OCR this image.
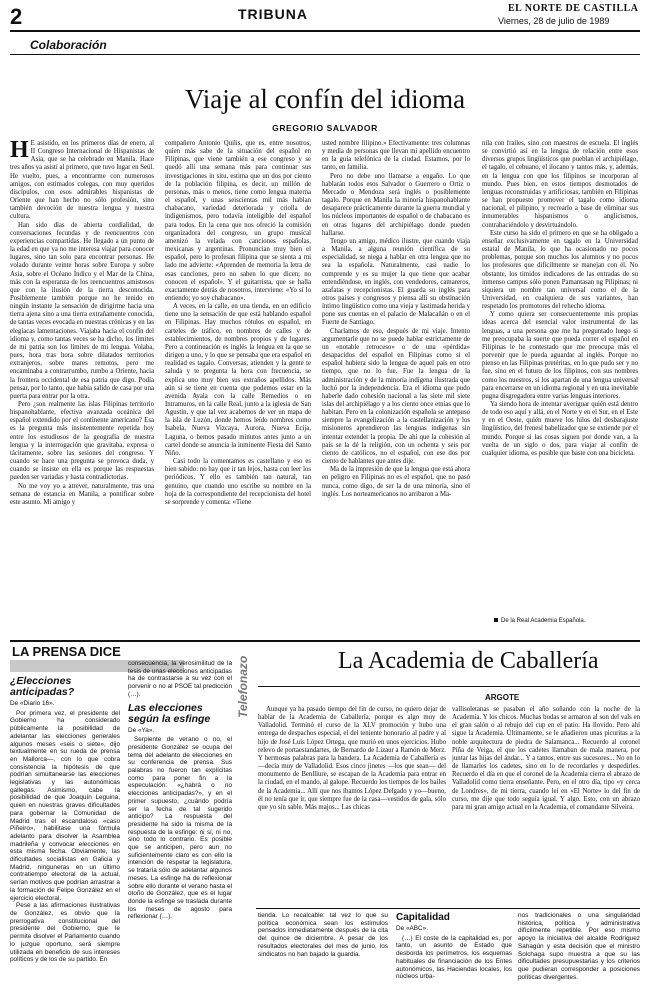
2	TRIBUNA	EL NORTE DE CASTILLA
Viernes, 28 de julio de 1989
Colaboración
Viaje al confín del idioma
GREGORIO SALVADOR

H E asistido, en los primeros días de enero, al II Congreso Internacional de Hispanistas de Asia, que se ha celebrado en Manila. Hace tres años ya asistí al primero, que tuvo lugar en Seúl. He vuelto, pues, a encontrarme con numerosos amigos, con estimados colegas, con muy queridos discípulos, con esos admirables hispanistas de Oriente que han hecho no sólo profesión, sino también devoción de nuestra lengua y nuestra cultura.

Han sido días de abierta cordialidad, de conversaciones fecundas y de reencuentros con experiencias compartidas. He llegado a un punto de la edad en que ya no me interesa viajar para conocer lugares, sino tan solo para encontrar personas. He volado durante veinte horas sobre Europa y sobre Asia, sobre el Océano Índico y el Mar de la China, más con la esperanza de los reencuentros amistosos que con la ilusión de la tierra desconocida. Posiblemente también porque no he tenido en ningún instante la sensación de dirigirme hacia una tierra ajena sino a una tierra extrañamente conocida, de tantas veces evocada en nuestras crónicas y en las elegíacas lamentaciones. Viajaba hacia el confín del idioma y, como tantas veces se ha dicho, los límites de mi patria son los límites de mi lengua. Volaba, pues, hora tras hora sobre dilatados territorios extranjeros, sobre mares remotos, pero me encaminaba a contrarrumbo, rumbo a Oriente, hacia la frontera occidental de esa patria que digo. Podía pensar, por lo tanto, que había salido de casa por una puerta para entrar por la otra.

Pero ¿son realmente las islas Filipinas territorio hispanohablante, efectiva avanzada oceánica del español extendido por el continente americano? Esa es la pregunta más insistentemente repetida hoy entre los estudiosos de la geografía de nuestra lengua y la interrogación que gravitaba, expresa o tácitamente, sobre las sesiones del congreso. Y cuando se hace una pregunta se provoca duda, y cuando se insiste en ella es porque las respuestas pueden ser variadas y hasta contradictorias.

No me voy yo a atrever, naturalmente, tras una semana de estancia en Manila, a pontificar sobre este asunto. Mi amigo y

compañero Antonio Quilis, que es, entre nosotros, quien más sabe de la situación del español en Filipinas, que viene también a ese congreso y se quedó allí una semana más para continuar sus investigaciones in situ, estima que un dos por ciento de la población filipina, es decir, un millón de personas, más o menos, tiene como lengua materna el español, y unas seiscientas mil más hablan chabacano, variedad deteriorada y criolla de indigenismos, pero todavía inteligible del español para todos. En la cena que nos ofreció la comisión organizadora del congreso, un grupo musical amenizó la velada con canciones españolas, mexicanas y argentinas. Pronuncian muy bien el español, pero lo profesan filipina que se sienta a mi lado me advierte: «Aprenden de memoria la letra de esas canciones, pero no saben lo que dicen; no conocen el español». Y el guitarrista, que se halla exactamente detrás de nosotros, interviene: «Yo sí lo entiendo; yo soy chabacano».

A veces, en la calle, en una tienda, en un edificio tiene uno la sensación de que está hablando español en Filipinas. Hay muchos rótulos en español, en carteles de tráfico, en nombres de calles y de establecimientos, de nombres propios y de lugares. Pero a continuación es inglés la lengua en la que se dirigen a uno, y lo que se pensaba que era español en realidad es tagalo. Conversas, atienden y la gente te saluda y te pregunta la hora con frecuencia, se explica uno muy bien sus extraños apellidos. Más aún si se tiene en cuenta que podemos estar en la avenida Ayala con la calle Remedios o en Intramuros, en la calle Real, junto a la iglesia de San Agustín, y que tal vez acabemos de ver un mapa de la isla de Luzón, donde hemos leído nombres como Isabela, Nueva Vizcaya, Aurora, Nueva Ecija, Laguna, o hemos pasado minutos antes junto a un cartel donde se anuncia la inminente Fiesta del Santo Niño.

Casi todo la comentamos es castellano y eso es bien sabido: no hay que ir tan lejos, hasta con leer los periódicos. Y ello es también tan natural, tan genuino, que cuando uno escribe su nombre en la hoja de la correspondiente del recepcionista del hotel se sorprende y comenta: «Tiene

usted nombre filipino.» Efectivamente: tres columnas y media de personas que llevan mi apellido encuentro en la guía telefónica de la ciudad. Estamos, por lo tanto, en familia.

Pero no debe uno llamarse a engaño. Lo que hablarán todos esos Salvador o Guerrero o Ortiz o Mercado o Mendoza será inglés o posiblemente tagalo. Porque en Manila la minoría hispanohablante desaparece prácticamente durante la guerra mundial y los núcleos importantes de español o de chabacano es en otras lugares del archipiélago donde pueden hallarse.

Tengo un amigo, médico ilustre, que cuando viaja a Manila, a alguna reunión científica de su especialidad, se niega a hablar en otra lengua que no sea la española. Naturalmente, casi nadie lo comprende y es su mujer la que tiene que acabar entendiéndose, en inglés, con vendedores, camareros, azafatas y recepcionistas. El guarda su inglés para otros países y congresos y piensa allí su obstinación íntimo lingüístico como una vieja y lastimada herida y pone sus cuentas en el palacio de Malacañán o en el Fuerte de Santiago.

Charlamos de eso, después de mi viaje. Intento argumentarle que no se puede hablar estrictamente de un «notable retroceso» o de una «pérdida» desapacidos del español en Filipinas como si el español hubiera sido la lengua de aquel país en otro tiempo, que no lo fue. Fue la lengua de la administración y de la minoría indígena ilustrada que luchó por la independencia. Era el idioma que pudo haberle dado cohesión nacional a las siete mil siete islas del archipiélago y a los ciento once etnias que lo habitan. Pero en la colonización española se antepuso siempre la evangelización a la castellanización y los misioneros aprendieron las lenguas indígenas sin intentar extender la propia. De ahí que la cohesión al país se la dé la religión, con un ochenta y seis por ciento de católicos, no el español, con ese dos por ciento de hablantes que antes dije.

Ma de la impresión de que la lengua que está ahora en peligro en Filipinas no es el español, que no pasó nunca, como digo, de ser la de una minoría, sino el inglés. Los norteamericanos no arribaron a Ma-

nila con frailes, sino con maestros de escuela. El inglés se convirtió así en la lengua de relación entre esos diversos grupos lingüísticos que pueblan el archipiélago, el tagalo, el cebuano, el ilocano y tantos más, y, además, en la lengua con que los filipinos se incorporan al mundo. Pues bien, en estos tiempos desmotados de lenguas reconstruidas y artificiosas, también en Filipinas se han propuesto promover el tagalo como idioma nacional, el pilipino, y recrearlo a base de eliminar sus innumerables hispanismos o anglicismos, contrahaciéndolo y desvirtuándolo.

Este curso ha sido el primero en que se ha obligado a enseñar exclusivamente en tagalo en la Universidad estatal de Manila, lo que ha ocasionado no pocos problemas, porque son muchos los alumnos y no pocos los profesores que difícilmente se manejan con él. No obstante, los tímidos indicadores de las entradas de su inmenso campus sólo ponen Pamantasan ng Pilipinas; ni siquiera un nombre tan universal como el de la Universidad, en cualquiera de sus variantes, han respetado los promotores del rehecho idioma.

Y como quiera ser consecuentemente mis propias ideas acerca del esencial valor instrumental de las lenguas, a una persona que me ha preguntado luego si me preocupaba la suerte que pueda correr el español en Filipinas le he contestado que me preocupa más el porvenir que le pueda aguardar al inglés. Porque no pienso en las Filipinas pretéritas, en lo que pudo ser y no fue, sino en el futuro de los filipinos, con sus nombres como los nuestros, si los apartan de una lengua universal para encerrarse en un idioma regional y en una inevitable pugna disgregadora entre varias lenguas interiores.

Ya siendo hora de intentar averiguar quién está dentro de todo eso aquí y allá, en el Norte y en el Sur, en el Este y en el Oeste, quién mueve los hilos del desbarajuste lingüístico, del frenesí babelizador que se extiende por el mundo. Porque si las cosas siguen por donde van, a la vuelta de un siglo o dos, para viajar al confín de cualquier idioma, es posible que baste con una bicicleta.

De la Real Academia Española.
LA PRENSA DICE
¿Elecciones anticipadas?
De «Diario 16».

Por primera vez, el presidente del Gobierno ha considerado públicamente la posibilidad de adelantar las elecciones generales algunos meses «seis o siete», dijo textualmente en su rueda de prensa en Mallorca—, con lo que cobra consistencia la hipótesis de que podrían simultanearse las elecciones legislativas y las autonómicas gallegas. Asimismo, cabe la posibilidad de que Joaquín Leguina, quien en nuestras graves dificultades para gobernar la Comunidad de Madrid tras el escandaloso «caso Piñeiro», habilitase una fórmula adelanto para disolver la Asamblea madrileña y convocar elecciones en esta misma fecha. Obviamente, las dificultades socialistas en Galicia y Madrid, ninguneras en un último contratiempo electoral de la actual, serían motivos que podrían arrastrar a la formación de Felipe González en el ejercicio electoral.

Pese a las afirmaciones ilustrativas de González, es obvio que la prerrogativa constitucional del presidente del Gobierno, que le permite disolver el Parlamento cuando lo juzgue oportuno, será siempre utilizada en beneficio de sus intereses políticos y de los de su partido. En

consecuencia, la verosimilitud de la tesis de unas elecciones anticipadas ha de contrastarse a su vez con el porvenir o no al PSOE tal predicción (…).
Las elecciones según la esfinge
De «Ya».

Serpiente de verano o no, el presidente González se ocupa del tema del adelanto de elecciones en su conferencia de prensa. Sus palabras no fueron tan explícitas como para poner fin a la especulación: «¿habrá o no elecciones anticipadas?», y en el primer supuesto, ¿cuándo podría ser la fecha de tal sugerido anticipo? La respuesta del presidente ha sido la misma de la respuesta de la esfinge: ni sí, ni no, sino todo lo contrario. Es posible que se anticipen, pero aun no suficientemente claro es con ello la intención de respetar la legislatura, se trataría sólo de adelantar algunos meses. La esfinge ha de reflexionar sobre ello durante el verano hasta el otoño de González, que es el lugar donde la esfinge se traslada durante los meses de agosto para reflexionar (…).

Telefonazo	La Academia de Caballería
ARGOTE

Aunque ya ha pasado tiempo del fin de curso, no quiero dejar de hablar de la Academia de Caballería, porque es algo muy de Valladolid. Terminó el curso de la XLV promoción y hubo una entrega de despachos especial, el del teniente honorario al padre y al hijo de José Luis López Ortega, que murió en unos ejercicios. Hubo relevo de portaestandartes, de Bernardo de Lizaur a Ramón de Merz. Y hermosas palabras para la bandera. La Academia de Caballería es —decía muy de Valladolid. Esos cinco jinetes —los que sean— del monumento de Benlliure, se escapan de la Academia para entrar en la ciudad, en el mando, al galope. Recuerdo los tiempos de los bailes de la Academia... Allí que nos íbamos López Delgado y yo—bueno, él no tenía que ir, que siempre fue de la casa—vestidos de gala, sólo que yo sin sable. Más majos... Las chicas

vallisoletanas se pasaban el año soñando con la noche de la Academia. Y los chicos. Muchas bodas se armaron al son del vals en el gran salón o al rebujo del cup en el patio. Ha llovido. Pero ahí sigue la Academia. Últimamente, se le añadieron unas picuritas a la noble arquitectura de piedra de Salamanca... Recuerdo al coronel Piña de Veiga, el que los cadetes llamaban de mala manera, por juntar las hijas del ándar... Y a tantos, entre sus sucesores... No en lo de llamarles los cadetes, sino en lo de recordarles y despedirles. Recuerdo el día en que el coronel de la Academia cierra el abrazo de Valladolid como tierra enseñante. Pero, en el otro día, tipo «y cerca de Londres», de mi tierra, cuando leí en «El Norte» lo del fin de curso, me dije que todo seguía igual. Y algo. Esto, con un abrazo para mi gran amigo actual en la Academia, el comandante Silveira.

tienda. Lo recalcable: tal vez lo que su política económica sean los estímulos pensados inmediatamente después de la cita del quince de diciembre. A pesar de los resultados electorales del mes de junio, los sindicatos no han bajado la guardia.

Capitalidad
De «ABC».

(…) El coste de la capitalidad es, por tanto, un asunto de Estado que desborda los perímetros, los esquemas habituales de financiación de los Entes autonómicos, las Haciendas locales, los núcleos urba-

nos tradicionales o una singularidad histórica, política y administrativa difícilmente repetible. Por eso mismo apoyo la iniciativa del alcalde Rodríguez Sahagún y esta decisión que el ministro Solchaga supo muestra a que su las dificultades presupuestarias y los criterios que pudieran corresponder a posiciones políticas divergentes.
